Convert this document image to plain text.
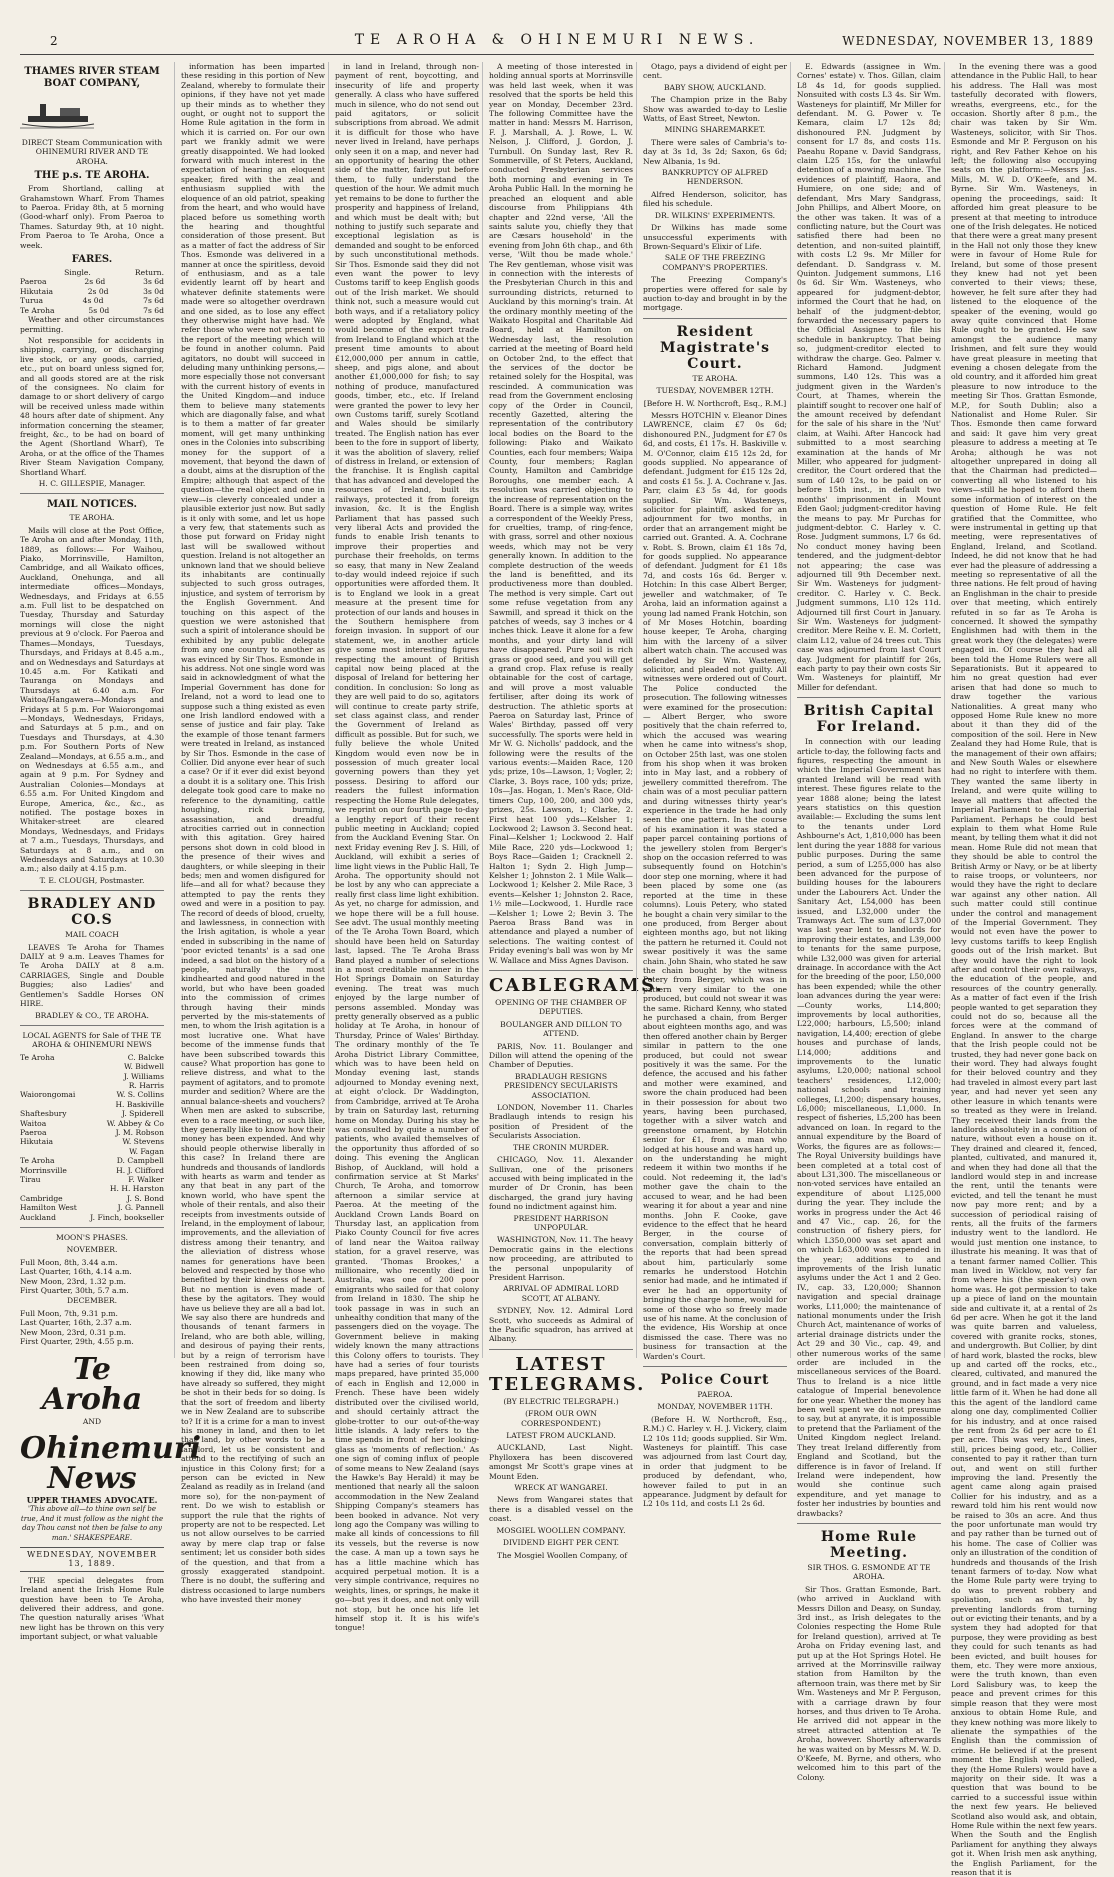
2	TE AROHA & OHINEMURI NEWS.	WEDNESDAY, NOVEMBER 13, 1889
THAMES RIVER STEAM BOAT COMPANY,
DIRECT Steam Communication with OHINEMURI RIVER AND TE AROHA.
THE p.s. TE AROHA.
From Shortland, calling at Grahamstown Wharf. From Thames to Paeroa. Friday 8th, at 5 morning (Good-wharf only). From Paeroa to Thames. Saturday 9th, at 10 night. From Paeroa to Te Aroha, Once a week.
FARES.
Single.	Return.
Paeroa	2s 6d	3s 6d
Hikutaia	2s 0d	3s 0d
Turua	4s 0d	7s 6d
Te Aroha	5s 0d	7s 6d
Weather and other circumstances permitting.
Not responsible for accidents in shipping, carrying, or discharging live stock, or any goods, carried, etc., put on board unless signed for, and all goods stored are at the risk of the consignees. No claim for damage to or short delivery of cargo will be received unless made within 48 hours after date of shipment. Any information concerning the steamer, freight, &c., to be had on board of the Agent (Shortland Wharf), Te Aroha, or at the office of the Thames River Steam Navigation Company, Shortland Wharf.
H. C. GILLESPIE, Manager.
MAIL NOTICES.
TE AROHA.
Mails will close at the Post Office, Te Aroha on and after Monday, 11th, 1889, as follows:— For Waihou, Piako, Morrinsville, Hamilton, Cambridge, and all Waikato offices, Auckland, Onehunga, and all intermediate offices—Mondays, Wednesdays, and Fridays at 6.55 a.m. Full list to be despatched on Tuesday, Thursday and Saturday mornings will close the night previous at 9 o'clock. For Paeroa and Thames—Mondays, Tuesdays, Thursdays, and Fridays at 8.45 a.m., and on Wednesdays and Saturdays at 10.45 a.m. For Katikati and Tauranga on Mondays and Thursdays at 6.40 a.m. For Waitoa/Hangawera—Mondays and Fridays at 5 p.m. For Waiorongomai—Mondays, Wednesdays, Fridays, and Saturdays at 5 p.m., and on Tuesdays and Thursdays, at 4.30 p.m. For Southern Ports of New Zealand—Mondays, at 6.55 a.m., and on Wednesdays at 6.55 a.m., and again at 9 p.m. For Sydney and Australian Colonies—Mondays at 6.55 a.m. For United Kingdom and Europe, America, &c., &c., as notified. The postage boxes in Whitaker-street are cleared Mondays, Wednesdays, and Fridays at 7 a.m., Tuesdays, Thursdays, and Saturdays at 8 a.m., and on Wednesdays and Saturdays at 10.30 a.m.; also daily at 4.15 p.m.
T. E. CLOUGH, Postmaster.
BRADLEY AND CO.S
MAIL COACH
LEAVES Te Aroha for Thames DAILY at 9 a.m. Leaves Thames for Te Aroha DAILY at 8 a.m. CARRIAGES, Single and Double Buggies; also Ladies' and Gentlemen's Saddle Horses ON HIRE.
BRADLEY & CO., TE AROHA.
LOCAL AGENTS for Sale of THE TE AROHA & OHINEMURI NEWS
Te Aroha	C. Balcke
W. Bidwell
J. Williams
R. Harris
Waiorongomai	W. S. Collins
H. Baskiville
Shaftesbury	J. Spiderell
Waitoa	W. Abbey & Co
Paeroa	J. M. Robson
Hikutaia	W. Stevens
W. Fagan
Te Aroha	D. Campbell
Morrinsville	H. J. Clifford
Tirau	F. Walker
H. H. Harston
Cambridge	J. S. Bond
Hamilton West	J. G. Pannell
Auckland	J. Finch, bookseller
MOON'S PHASES.
NOVEMBER.
Full Moon, 8th, 3.44 a.m.
Last Quarter, 16th, 4.14 a.m.
New Moon, 23rd, 1.32 p.m.
First Quarter, 30th, 5.7 a.m.
DECEMBER.
Full Moon, 7th, 9.31 p.m.
Last Quarter, 16th, 2.37 a.m.
New Moon, 23rd, 0.31 p.m.
First Quarter, 29th, 4.55 p.m.
Te Aroha
AND
Ohinemuri News
UPPER THAMES ADVOCATE.
'This above all—to thine own self be true, And it must follow as the night the day Thou canst not then be false to any man.' SHAKESPEARE.
WEDNESDAY, NOVEMBER 13, 1889.
THE special delegates from Ireland anent the Irish Home Rule question have been to Te Aroha, delivered their address, and gone. The question naturally arises 'What new light has be thrown on this very important subject, or what valuable
information has been imparted these residing in this portion of New Zealand, whereby to formulate their opinions, if they have not yet made up their minds as to whether they ought, or ought not to support the Home Rule agitation in the form in which it is carried on. For our own part we frankly admit we were greatly disappointed. We had looked forward with much interest in the expectation of hearing an eloquent speaker, fired with the zeal and enthusiasm supplied with the eloquence of an old patriot, speaking from the heart, and who would have placed before us something worth the hearing and thoughtful consideration of those present. But as a matter of fact the address of Sir Thos. Esmonde was delivered in a manner at once the spiritless, devoid of enthusiasm, and as a tale evidently learnt off by heart and whatever definite statements were made were so altogether overdrawn and one sided, as to lose any effect they otherwise might have had. We refer those who were not present to the report of the meeting which will be found in another column. Paid agitators, no doubt will succeed in deluding many unthinking persons,—more especially those not conversant with the current history of events in the United Kingdom—and induce them to believe many statements which are diagonally false, and what is to them a matter of far greater moment, will get many unthinking ones in the Colonies into subscribing money for the support of a movement, that beyond the dawn of a doubt, aims at the disruption of the Empire; although that aspect of the question—the real object and one in view—is cleverly concealed under a plausible exterior just now. But sadly is it only with some, and let us hope a very few, that statements such as those put forward on Friday night last will be swallowed without question. Ireland is not altogether an unknown land that we should believe its inhabitants are continually subjected to such gross outrages, injustice, and system of terrorism by the English Government. And touching on this aspect of the question we were astonished that such a spirit of intolerance should be exhibited by any public delegate from any one country to another as was evinced by Sir Thos. Esmonde in his address. Not one single word was said in acknowledgment of what the Imperial Government has done for Ireland, not a word to lead one to suppose such a thing existed as even one Irish landlord endowed with a sense of justice and fair play. Take the example of those tenant farmers were treated in Ireland, as instanced by Sir Thos. Esmonde in the case of Collier. Did anyone ever hear of such a case? Or if it ever did exist beyond a doubt it is a solitary one. This Irish delegate took good care to make no reference to the dynamiting, cattle houghing, rick burning, assassination, and dreadful atrocities carried out in connection with this agitation. Grey haired persons shot down in cold blood in the presence of their wives and daughters, or while sleeping in their beds; men and women disfigured for life—and all for what? because they attempted to pay the rents they owed and were in a position to pay. The record of deeds of blood, cruelty, and lawlessness, in connection with the Irish agitation, is whole a year ended in subscribing in the name of 'poor evicted tenants' is a sad one indeed, a sad blot on the history of a people, naturally the most kindhearted and good natured in the world, but who have been goaded into the commission of crimes through having their minds perverted by the mis-statements of men, to whom the Irish agitation is a most lucrative one. What have become of the immense funds that have been subscribed towards this cause? What proportion has gone to relieve distress, and what to the payment of agitators, and to promote murder and sedition? Where are the annual balance-sheets and vouchers? When men are asked to subscribe, even to a race meeting, or such like, they generally like to know how their money has been expended. And why should people otherwise liberally in this case? In Ireland there are hundreds and thousands of landlords with hearts as warm and tender as any that beat in any part of the known world, who have spent the whole of their rentals, and also their receipts from investments outside of Ireland, in the employment of labour, improvements, and the alleviation of distress among their tenantry, and the alleviation of distress whose names for generations have been beloved and respected by those who benefited by their kindness of heart. But no mention is even made of these by the agitators. They would have us believe they are all a bad lot. We say also there are hundreds and thousands of tenant farmers in Ireland, who are both able, willing, and desirous of paying their rents, but by a reign of terrorism have been restrained from doing so, knowing if they did, like many who have already so suffered, they might be shot in their beds for so doing. Is that the sort of freedom and liberty we in New Zealand are to subscribe to? If it is a crime for a man to invest his money in land, and then to let that land, by other words to be a landlord, let us be consistent and attend to the rectifying of such an injustice in this Colony first; for a person can be evicted in New Zealand as readily as in Ireland (and more so), for the non-payment of rent. Do we wish to establish or support the rule that the rights of property are not to be respected. Let us not allow ourselves to be carried away by mere clap trap or false sentiment; let us consider both sides of the question, and that from a grossly exaggerated standpoint. There is no doubt, the suffering and distress occasioned to large numbers who have invested their money
in land in Ireland, through non-payment of rent, boycotting, and insecurity of life and property generally. A class who have suffered much in silence, who do not send out paid agitators, or solicit subscriptions from abroad. We admit it is difficult for those who have never lived in Ireland, have perhaps only seen it on a map, and never had an opportunity of hearing the other side of the matter, fairly put before them, to fully understand the question of the hour. We admit much yet remains to be done to further the prosperity and happiness of Ireland, and which must be dealt with; but nothing to justify such separate and exceptional legislation as is demanded and sought to be enforced by such unconstitutional methods. Sir Thos. Esmonde said they did not even want the power to levy Customs tariff to keep English goods out of the Irish market. We should think not, such a measure would cut both ways, and if a retaliatory policy were adopted by England, what would become of the export trade from Ireland to England which at the present time amounts to about £12,000,000 per annum in cattle, sheep, and pigs alone, and about another £1,000,000 for fish; to say nothing of produce, manufactured goods, timber, etc., etc. If Ireland were granted the power to levy her own Customs tariff, surely Scotland and Wales should be similarly treated. The English nation has ever been to the fore in support of liberty, it was the abolition of slavery, relief of distress in Ireland, or extension of the franchise. It is English capital that has advanced and developed the resources of Ireland, built its railways, protected it from foreign invasion, &c. It is the English Parliament that has passed such very liberal Acts and provided the funds to enable Irish tenants to improve their properties and purchase their freeholds, on terms so easy, that many in New Zealand to-day would indeed rejoice if such opportunities were afforded them. It is to England we look in a great measure at the present time for protection of our lands and houses in the Southern hemisphere from foreign invasion. In support of our statement, we, in another article give some most interesting figures respecting the amount of British capital now being placed at the disposal of Ireland for bettering her condition. In conclusion: So long as they are well paid to do so, agitators will continue to create party strife, set class against class, and render the Government of Ireland as difficult as possible. But for such, we fully believe the whole United Kingdom would even now be in possession of much greater local governing powers than they yet possess. Desiring to afford our readers the fullest information respecting the Home Rule delegates, we reprint on our fourth page to-day a lengthy report of their recent public meeting in Auckland; copied from the Auckland Evening Star. On next Friday evening Rev J. S. Hill, of Auckland, will exhibit a series of lime light views in the Public Hall, Te Aroha. The opportunity should not be lost by any who can appreciate a really first class lime light exhibition. As yet, no charge for admission, and we hope there will be a full house. See advt. The usual monthly meeting of the Te Aroha Town Board, which should have been held on Saturday last, lapsed. The Te Aroha Brass Band played a number of selections in a most creditable manner in the Hot Springs Domain on Saturday evening. The treat was much enjoyed by the large number of persons assembled. Monday was pretty generally observed as a public holiday at Te Aroha, in honour of Thursday, Prince of Wales' Birthday. The ordinary monthly of the Te Aroha District Library Committee, which was to have been held on Monday evening last, stands adjourned to Monday evening next, at eight o'clock. Dr Waddington, from Cambridge, arrived at Te Aroha by train on Saturday last, returning home on Monday. During his stay he was consulted by quite a number of patients, who availed themselves of the opportunity thus afforded of so doing. This evening the Anglican Bishop, of Auckland, will hold a confirmation service at St Marks' Church, Te Aroha, and tomorrow afternoon a similar service at Paeroa. At the meeting of the Auckland Crown Lands Board on Thursday last, an application from Piako County Council for five acres of land near the Waitoa railway station, for a gravel reserve, was granted. 'Thomas Brookes,' a millionaire, who recently died in Australia, was one of 200 poor emigrants who sailed for that colony from Ireland in 1830. The ship he took passage in was in such an unhealthy condition that many of the passengers died on the voyage. The Government believe in making widely known the many attractions this Colony offers to tourists. They have had a series of four tourists maps prepared, have printed 35,000 of each in English and 12,000 in French. These have been widely distributed over the civilised world, and should certainly attract the globe-trotter to our out-of-the-way little islands. A lady refers to the time spends in front of her looking-glass as 'moments of reflection.' As one sign of coming influx of people of some means to New Zealand (says the Hawke's Bay Herald) it may be mentioned that nearly all the saloon accommodation in the New Zealand Shipping Company's steamers has been booked in advance. Not very long ago the Company was willing to make all kinds of concessions to fill its vessels, but the reverse is now the case. A man up a town says he has a little machine which has acquired perpetual motion. It is a very simple contrivance, requires no weights, lines, or springs, he make it go—but yes it does, and not only will not stop, but he once his life let himself stop it. It is his wife's tongue!
A meeting of those interested in holding annual sports at Morrinsville was held last week, when it was resolved that the sports be held this year on Monday, December 23rd. The following Committee have the matter in hand: Messrs M. Harrison, F. J. Marshall, A. J. Rowe, L. W. Nelson, J. Clifford, J. Gordon, J. Turnbull. On Sunday last, Rev R. Sommerville, of St Peters, Auckland, conducted Presbyterian services both morning and evening in Te Aroha Public Hall. In the morning he preached an eloquent and able discourse from Philippians 4th chapter and 22nd verse, 'All the saints salute you, chiefly they that are Cæsars household' in the evening from John 6th chap., and 6th verse, 'Wilt thou be made whole.' The Rev gentleman, whose visit was in connection with the interests of the Presbyterian Church in this and surrounding districts, returned to Auckland by this morning's train. At the ordinary monthly meeting of the Waikato Hospital and Charitable Aid Board, held at Hamilton on Wednesday last, the resolution carried at the meeting of Board held on October 2nd, to the effect that the services of the doctor be retained solely for the Hospital, was rescinded. A communication was read from the Government enclosing copy of the Order in Council, recently Gazetted, altering the representation of the contributory local bodies on the Board to the following: Piako and Waikato Counties, each four members; Waipa County, four members; Raglan County, Hamilton and Cambridge Boroughs, one member each. A resolution was carried objecting to the increase of representation on the Board. There is a simple way, writes a correspondent of the Weekly Press, for cruelties, tramp, of ring-fence, with grass, sorrel and other noxious weeds, which may not be very generally known. In addition to the complete destruction of the weeds the land is benefitted, and its productiveness more than doubled. The method is very simple. Cart out some refuse vegetation from any Sawmill, and spread it thick on the patches of weeds, say 3 inches or 4 inches thick. Leave it alone for a few months, and your dirty land will have disappeared. Pure soil is rich grass or good seed, and you will get a grand crop. Flax refuse is really obtainable for the cost of cartage, and will prove a most valuable fertiliser, after doing its work of destruction. The athletic sports at Paeroa on Saturday last, Prince of Wales' Birthday, passed off very successfully. The sports were held in Mr W. G. Nicholls' paddock, and the following were the results of the various events:—Maiden Race, 120 yds; prize, 10s—Lawson, 1; Vogler, 2; Clarke, 3. Boys race, 100 yds; prize, 10s—Jas. Hogan, 1. Men's Race, Old-timers Cup, 100, 200, and 300 yds, prizes, 25s. Lawson, 1; Clarke, 2. First heat 100 yds—Kelsher 1; Lockwood 2; Lawson 3. Second heat. Final—Kelsher 1; Lockwood 2. Half Mile Race, 220 yds—Lockwood 1; Boys Race—Gaiden 1; Cracknell 2. Halton 1; Sydn 2. High Jump—Kelsher 1; Johnston 2. 1 Mile Walk—Lockwood 1; Kelsher 2. Mile Race, 3 events—Kelsher 1; Johnston 2. Race, 1½ mile—Lockwood, 1. Hurdle race—Kelsher 1; Lowe 2; Bevin 3. The Paeroa Brass Band was in attendance and played a number of selections. The waiting contest of Friday evening's ball was won by Mr W. Wallace and Miss Agnes Davison.
CABLEGRAMS.
OPENING OF THE CHAMBER OF DEPUTIES.
BOULANGER AND DILLON TO ATTEND.
PARIS, Nov. 11. Boulanger and Dillon will attend the opening of the Chamber of Deputies.
BRADLAUGH RESIGNS PRESIDENCY SECULARISTS ASSOCIATION.
LONDON, November 11. Charles Bradlaugh intends to resign his position of President of the Secularists Association.
THE CRONIN MURDER.
CHICAGO, Nov. 11. Alexander Sullivan, one of the prisoners accused with being implicated in the murder of Dr Cronin, has been discharged, the grand jury having found no indictment against him.
PRESIDENT HARRISON UNPOPULAR.
WASHINGTON, Nov. 11. The heavy Democratic gains in the elections now proceeding, are attributed to the personal unpopularity of President Harrison.
ARRIVAL OF ADMIRAL LORD SCOTT, AT ALBANY.
SYDNEY, Nov. 12. Admiral Lord Scott, who succeeds as Admiral of the Pacific squadron, has arrived at Albany.
LATEST TELEGRAMS.
(BY ELECTRIC TELEGRAPH.)
(FROM OUR OWN CORRESPONDENT.)
LATEST FROM AUCKLAND.
AUCKLAND, Last Night. Phylloxera has been discovered amongst Mr Scott's grape vines at Mount Eden.
WRECK AT WANGAREI.
News from Wangarei states that there is a disabled vessel on the coast.
MOSGIEL WOOLLEN COMPANY.
DIVIDEND EIGHT PER CENT.
The Mosgiel Woollen Company, of
Otago, pays a dividend of eight per cent.
BABY SHOW, AUCKLAND.
The Champion prize in the Baby Show was awarded to-day to Leslie Watts, of East Street, Newton.
MINING SHAREMARKET.
There were sales of Cambria's to-day at 3s 1d, 3s 2d; Saxon, 6s 6d; New Albania, 1s 9d.
BANKRUPTCY OF ALFRED HENDERSON.
Alfred Henderson, solicitor, has filed his schedule.
DR. WILKINS' EXPERIMENTS.
Dr Wilkins has made some unsuccessful experiments with Brown-Sequard's Elixir of Life.
SALE OF THE FREEZING COMPANY'S PROPERTIES.
The Freezing Company's properties were offered for sale by auction to-day and brought in by the mortgage.
Resident Magistrate's Court.
TE AROHA.
TUESDAY, NOVEMBER 12TH.
[Before H. W. Northcroft, Esq., R.M.]
Messrs HOTCHIN v. Eleanor Dines LAWRENCE, claim £7 0s 6d; dishonoured P.N., Judgment for £7 0s 6d, and costs, £1 17s. H. Baskiville v. M. O'Connor, claim £15 12s 2d, for goods supplied. No appearance of defendant. Judgment for £15 12s 2d, and costs £1 5s. J. A. Cochrane v. Jas. Parr, claim £3 5s 4d, for goods supplied. Sir Wm. Wasteneys, solicitor for plaintiff, asked for an adjournment for two months, in order that an arrangement might be carried out. Granted. A. A. Cochrane v. Robt. S. Brown, claim £1 18s 7d, for goods supplied. No appearance of defendant. Judgment for £1 18s 7d, and costs 16s 6d. Berger v. Hotchin: In this case Albert Berger, jeweller and watchmaker, of Te Aroha, laid an information against a young lad named Frank Hotchin, son of Mr Moses Hotchin, boarding house keeper, Te Aroha, charging him with the larceny of a silver albert watch chain. The accused was defended by Sir Wm. Wasteney, solicitor, and pleaded not guilty. All witnesses were ordered out of Court. The Police conducted the prosecution. The following witnesses were examined for the prosecution:— Albert Berger, who swore positively that the chain referred to, which the accused was wearing when he came into witness's shop, on October 25th last, was one stolen from his shop when it was broken into in May last, and a robbery of jewellery committed therefrom. The chain was of a most peculiar pattern and during witnesses thirty year's experience in the trade he had only seen the one pattern. In the course of his examination it was stated a paper parcel containing portions of the jewellery stolen from Berger's shop on the occasion referred to was subsequently found on Hotchin's door step one morning, where it had been placed by some one (as reported at the time in these columns). Louis Petery, who stated he bought a chain very similar to the one produced, from Berger about eighteen months ago, but not liking the pattern he returned it. Could not swear positively it was the same chain. John Shain, who stated he saw the chain bought by the witness Petery from Berger, which was in pattern very similar to the one produced, but could not swear it was the same. Richard Kenny, who stated he purchased a chain, from Berger about eighteen months ago, and was then offered another chain by Berger similar in pattern to the one produced, but could not swear positively it was the same. For the defence, the accused and his father and mother were examined, and swore the chain produced had been in their possession for about two years, having been purchased, together with a silver watch and greenstone ornament, by Hotchin senior for £1, from a man who lodged at his house and was hard up, on the understanding he might redeem it within two months if he could. Not redeeming it, the lad's mother gave the chain to the accused to wear, and he had been wearing it for about a year and nine months. John F. Cooke, gave evidence to the effect that he heard Berger, in the course of conversation, complain bitterly of the reports that had been spread about him, particularly some remarks he understood Hotchin senior had made, and he intimated if ever he had an opportunity of bringing the charge home, would for some of those who so freely made use of his name. At the conclusion of the evidence, His Worship at once dismissed the case. There was no business for transaction at the Warden's Court.
Police Court
PAEROA.
MONDAY, NOVEMBER 11TH.
(Before H. W. Northcroft, Esq., R.M.) C. Harley v. H. J. Vickery, claim L2 10s 11d; goods supplied. Sir Wm. Wasteneys for plaintiff. This case was adjourned from last Court day, in order that judgment to be produced by defendant, who, however failed to put in an appearance. Judgment by default for L2 10s 11d, and costs L1 2s 6d.
E. Edwards (assignee in Wm. Cornes' estate) v. Thos. Gillan, claim L8 4s 1d, for goods supplied. Nonsuited with costs L3 4s. Sir Wm. Wasteneys for plaintiff, Mr Miller for defendant. M. G. Power v. Te Kemara, claim L7 12s 8d; dishonoured P.N. Judgment by consent for L7 8s, and costs 11s. Paeahu Ropane v. David Sandgrass, claim L25 15s, for the unlawful detention of a mowing machine. The evidences of plaintiff, Haora, and Humiere, on one side; and of defendant, Mrs Mary Sandgrass, John Phillips, and Albert Moore, on the other was taken. It was of a conflicting nature, but the Court was satisfied there had been no detention, and non-suited plaintiff, with costs L2 9s. Mr Miller for defendant. D. Sandgrass v. M. Quinton. Judgement summons, L16 0s 6d. Sir Wm. Wasteneys, who appeared for judgment-debtor, informed the Court that he had, on behalf of the judgment-debtor, forwarded the necessary papers to the Official Assignee to file his schedule in bankruptcy. That being so, judgment-creditor elected to withdraw the charge. Geo. Palmer v. Richard Hamond. Judgment summons, L40 12s. This was a judgment given in the Warden's Court, at Thames, wherein the plaintiff sought to recover one half of the amount received by defendant for the sale of his share in the 'Nut' claim, at Waihi. After Hancock had submitted to a most searching examination at the hands of Mr Miller, who appeared for judgment-creditor, the Court ordered that the sum of L40 12s, to be paid on or before 15th inst., in default two months' imprisonment in Mount Eden Gaol; judgment-creditor having the means to pay. Mr Purchas for judgment-debtor. C. Harley v. C. Rose. Judgment summons, L7 6s 6d. No conduct money having been tendered, and the judgment-debtor not appearing; the case was adjourned till 9th December next. Sir Wm. Wasteneys for judgment-creditor. C. Harley v. C. Beck. Judgment summons, L10 12s 11d. Adjourned till first Court in January. Sir Wm. Wasteneys for judgment-creditor. Mere Reihe v. E. M. Corlett, claim L12, value of 24 trees cut. This case was adjourned from last Court day. Judgment for plaintiff for 26s, each party to pay their own costs Sir Wm. Wasteneys for plaintiff, Mr Miller for defendant.
British Capital For Ireland.
In connection with our leading article to-day, the following facts and figures, respecting the amount in which the Imperial Government has granted Ireland will be read with interest. These figures relate to the year 1888 alone; being the latest years statistics on this question available:— Excluding the sums lent to the tenants under Lord Ashbourne's Act, 1,810,000 has been lent during the year 1888 for various public purposes. During the same period, a sum of L255,000 has also been advanced for the purpose of building houses for the labourers under the Labourers Act. Under the Sanitary Act, L54,000 has been issued, and L32,000 under the Tramways Act. The sum of L37,000 was last year lent to landlords for improving their estates, and L39,000 to tenants for the same purpose, while L32,000 was given for arterial drainage. In accordance with the Act for the breeding of the poor, L50,000 has been expended; while the other loan advances during the year were:—County works, L14,800; improvements by local authorities, L22,000; harbours, L5,500; inland navigation, L4,400; erection of glebe houses and purchase of lands, L14,000; additions and improvements to the lunatic asylums, L20,000; national school teachers' residences, L12,000; national schools and training colleges, L1,200; dispensary houses, L6,000; miscellaneous, L1,000. In respect of fisheries, L5,200 has been advanced on loan. In regard to the annual expenditure by the Board of Works, the figures are as follows:—The Royal University buildings have been completed at a total cost of about L31,300. The miscellaneous or non-voted services have entailed an expenditure of about L125,000 during the year. They include the works in progress under the Act 46 and 47 Vic., cap. 26, for the construction of fishery piers, for which L350,000 was set apart and on which L63,000 was expended in the year; additions to and improvements of the Irish lunatic asylums under the Act 1 and 2 Geo. IV., cap. 33, L20,000; Shannon navigation and special drainage works, L11,000; the maintenance of national monuments under the Irish Church Act, maintenance of works of arterial drainage districts under the Act 29 and 30 Vic., cap. 49, and other numerous works of the same order are included in the miscellaneous services of the Board. Thus to Ireland is a nice little catalogue of Imperial benevolence for one year. Whether the money has been well spent we do not presume to say, but at anyrate, it is impossible to pretend that the Parliament of the United Kingdom neglect Ireland. They treat Ireland differently from England and Scotland, but the difference is in favor of Ireland. If Ireland were independent, how would she continue such expenditure, and yet manage to foster her industries by bounties and drawbacks?
Home Rule Meeting.
SIR THOS. G. ESMONDE AT TE AROHA.
Sir Thos. Grattan Esmonde, Bart. (who arrived in Auckland with Messrs Dillon and Deasy, on Sunday, 3rd inst., as Irish delegates to the Colonies respecting the Home Rule for Ireland question), arrived at Te Aroha on Friday evening last, and put up at the Hot Springs Hotel. He arrived at the Morrinsville railway station from Hamilton by the afternoon train, was there met by Sir Wm. Wasteneys and Mr P. Ferguson, with a carriage drawn by four horses, and thus driven to Te Aroha. He arrived did not appear in the street attracted attention at Te Aroha, however. Shortly afterwards he was waited on by Messrs M. W. D. O'Keefe, M. Byrne, and others, who welcomed him to this part of the Colony.
In the evening there was a good attendance in the Public Hall, to hear his address. The Hall was most tastefully decorated with flowers, wreaths, evergreens, etc., for the occasion. Shortly after 8 p.m., the chair was taken by Sir Wm. Wasteneys, solicitor, with Sir Thos. Esmonde and Mr P. Ferguson on his right, and Rev Father Kehoe on his left; the following also occupying seats on the platform:—Messrs Jas. Mills, M. W. D. O'Keefe, and M. Byrne. Sir Wm. Wasteneys, in opening the proceedings, said: It afforded him great pleasure to be present at that meeting to introduce one of the Irish delegates. He noticed that there were a great many present in the Hall not only those they knew were in favour of Home Rule for Ireland, but some of those present they knew had not yet been converted to their views; these, however, he felt sure after they had listened to the eloquence of the speaker of the evening, would go away quite convinced that Home Rule ought to be granted. He saw amongst the audience many Irishmen, and felt sure they would have great pleasure in meeting that evening a chosen delegate from the old country, and it afforded him great pleasure to now introduce to the meeting Sir Thos. Grattan Esmonde, M.P., for South Dublin; also a Nationalist and Home Ruler. Sir Thos. Esmonde then came forward and said: It gave him very great pleasure to address a meeting at Te Aroha; although he was not altogether unprepared in doing all that the Chairman had predicted—converting all who listened to his views—still he hoped to afford them some information of interest on the question of Home Rule. He felt gratified that the Committee, who were instrumental in getting up that meeting, were representatives of England, Ireland, and Scotland. Indeed, he did not know that he had ever had the pleasure of addressing a meeting so representative of all the three nations. He felt proud of having an Englishman in the chair to preside over that meeting, which entirely refuted in so far as Te Aroha is concerned. It showed the sympathy Englishmen had with them in the great work they (the delegates) were engaged in. Of course they had all been told the Home Rulers were all Separationists. But it appeared to him no great question had ever arisen that had done so much to draw together the various Nationalities. A great many who opposed Home Rule knew no more about it than they did of the composition of the soil. Here in New Zealand they had Home Rule, that is the management of their own affairs; and New South Wales or elsewhere had no right to interfere with them. They wanted the same liberty in Ireland, and were quite willing to leave all matters that affected the Imperial Parliament to the Imperial Parliament. Perhaps he could best explain to them what Home Rule meant, by telling them what it did not mean. Home Rule did not mean that they should be able to control the British Army or Navy, or be at liberty to raise troops, or volunteers, nor would they have the right to declare war against any other nation. All such matter could still continue under the control and management of the Imperial Government. They would not even have the power to levy customs tariffs to keep English goods out of the Irish market. But they would have the right to look after and control their own railways, the education of the people, and resources of the country generally. As a matter of fact even if the Irish people wanted to get separation they could not do so, because all the forces were at the command of England. In answer to the charge that the Irish people could not be trusted, they had never gone back on their word. They had always fought for their beloved country and they had traveled in almost every part last year, and had never yet seen any other leasure in which tenants were so treated as they were in Ireland. They received their lands from the landlords absolutely in a condition of nature, without even a house on it. They drained and cleared it, fenced, planted, cultivated, and manured it, and when they had done all that the landlord would step in and increase the rent, until the tenants were evicted, and tell the tenant he must now pay more rent; and by a succession of periodical raising of rents, all the fruits of the farmers industry went to the landlord. He would just mention one instance, to illustrate his meaning. It was that of a tenant farmer named Collier. This man lived in Wicklow, not very far from where his (the speaker's) own home was. He got permission to take up a piece of land on the mountain side and cultivate it, at a rental of 2s 6d per acre. When he got it the land was quite barren and valueless, covered with granite rocks, stones, and undergrowth. But Collier, by dint of hard work, blasted the rocks, blew up and carted off the rocks, etc., cleared, cultivated, and manured the ground, and in fact made a very nice little farm of it. When he had done all this the agent of the landlord came along one day, complimented Collier for his industry, and at once raised the rent from 2s 6d per acre to £1 per acre. This was very hard lines, still, prices being good, etc., Collier consented to pay it rather than turn out, and went on still further improving the land. Presently the agent came along again praised Collier for his industry, and as a reward told him his rent would now be raised to 30s an acre. And thus the poor unfortunate man would try and pay rather than be turned out of his home. The case of Collier was only an illustration of the condition of hundreds and thousands of the Irish tenant farmers of to-day. Now what the Home Rule party were trying to do was to prevent robbery and spoliation, such as that, by preventing landlords from turning out or evicting their tenants, and by a system they had adopted for that purpose, they were providing as best they could for such tenants as had been evicted, and built houses for them, etc. They were more anxious, were the truth known, than even Lord Salisbury was, to keep the peace and prevent crimes for this simple reason that they were most anxious to obtain Home Rule, and they knew nothing was more likely to alienate the sympathies of the English than the commission of crime. He believed if at the present moment the English were polled, they (the Home Rulers) would have a majority on their side. It was a question that was bound to be carried to a successful issue within the next few years. He believed Scotland also would ask, and obtain, Home Rule within the next few years. When the South and the English Parliament for anything they always got it. When Irish men ask anything, the English Parliament, for the reason that it is
